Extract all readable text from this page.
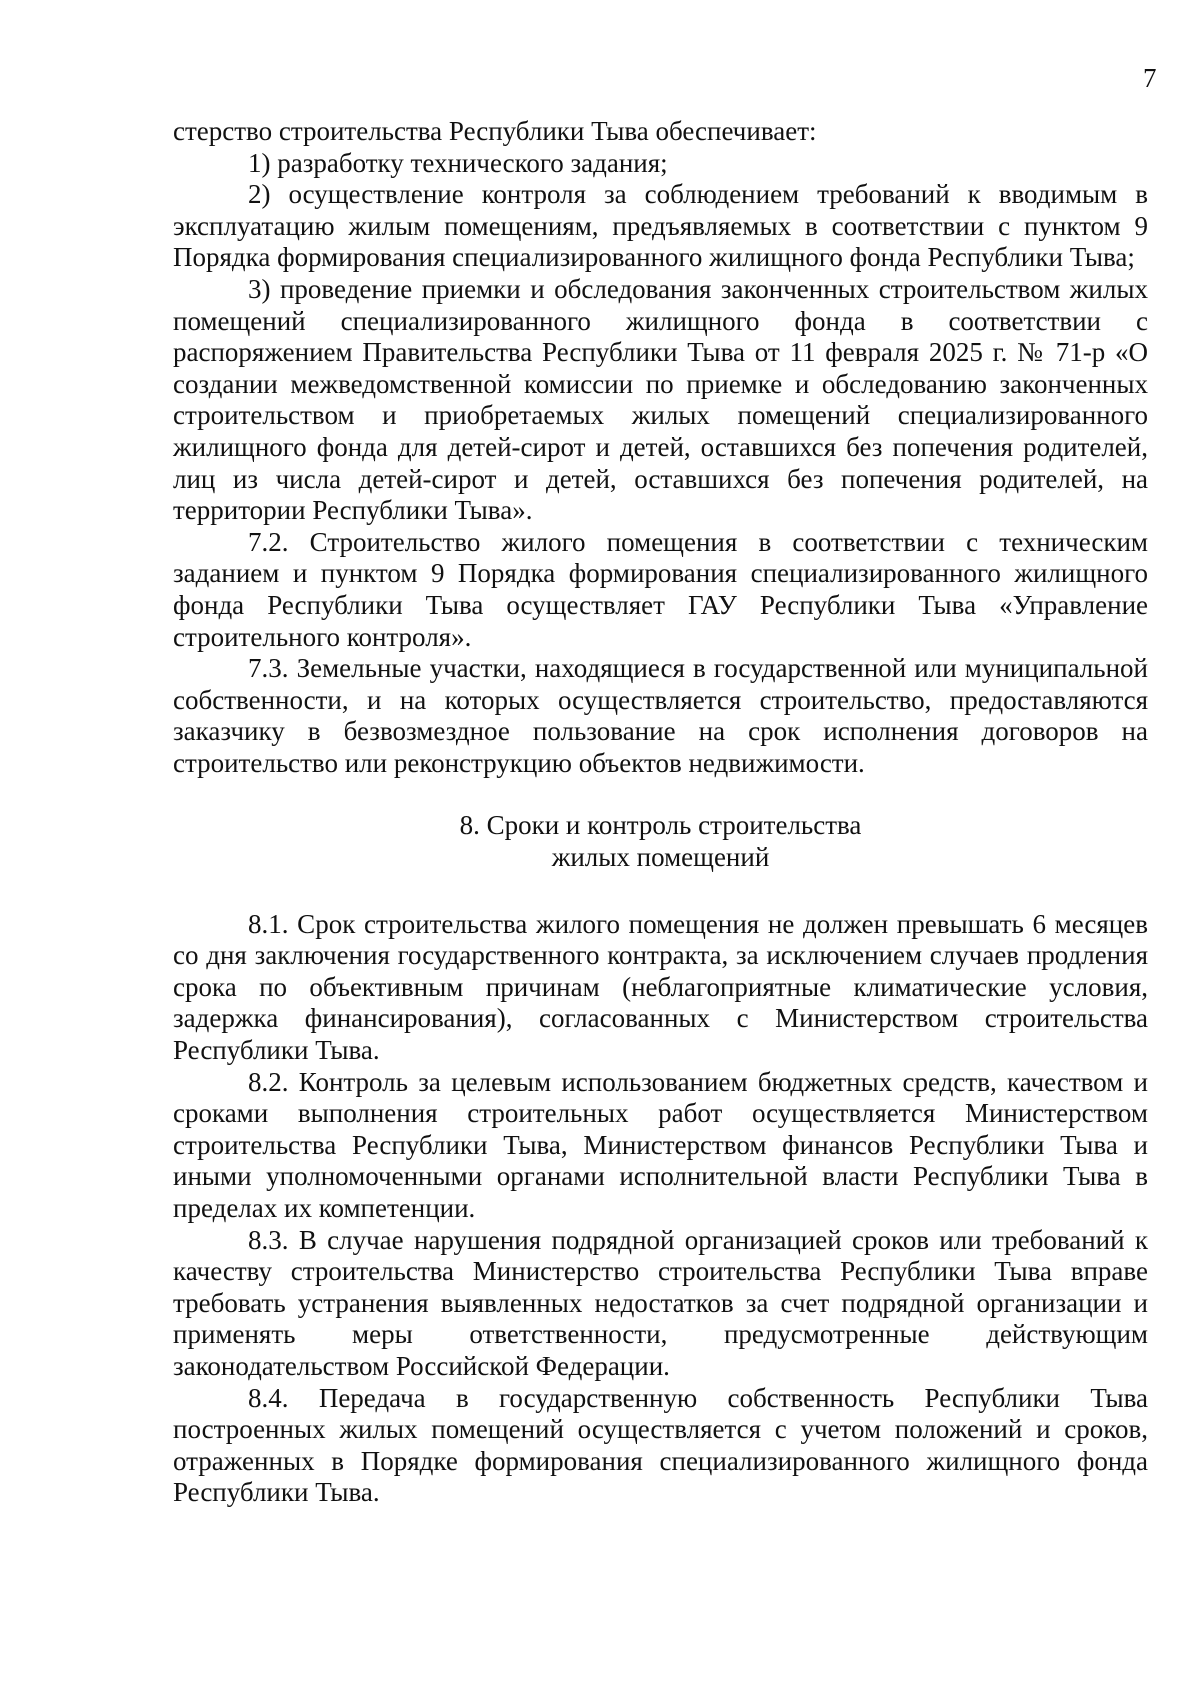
7

стерство строительства Республики Тыва обеспечивает:

1) разработку технического задания;

2) осуществление контроля за соблюдением требований к вводимым в эксплуатацию жилым помещениям, предъявляемых в соответствии с пунктом 9 Порядка формирования специализированного жилищного фонда Республики Тыва;

3) проведение приемки и обследования законченных строительством жилых помещений специализированного жилищного фонда в соответствии с распоряжением Правительства Республики Тыва от 11 февраля 2025 г. № 71-р «О создании межведомственной комиссии по приемке и обследованию законченных строительством и приобретаемых жилых помещений специализированного жилищного фонда для детей-сирот и детей, оставшихся без попечения родителей, лиц из числа детей-сирот и детей, оставшихся без попечения родителей, на территории Республики Тыва».

7.2. Строительство жилого помещения в соответствии с техническим заданием и пунктом 9 Порядка формирования специализированного жилищного фонда Республики Тыва осуществляет ГАУ Республики Тыва «Управление строительного контроля».

7.3. Земельные участки, находящиеся в государственной или муниципальной собственности, и на которых осуществляется строительство, предоставляются заказчику в безвозмездное пользование на срок исполнения договоров на строительство или реконструкцию объектов недвижимости.

8. Сроки и контроль строительства
жилых помещений

8.1. Срок строительства жилого помещения не должен превышать 6 месяцев со дня заключения государственного контракта, за исключением случаев продления срока по объективным причинам (неблагоприятные климатические условия, задержка финансирования), согласованных с Министерством строительства Республики Тыва.

8.2. Контроль за целевым использованием бюджетных средств, качеством и сроками выполнения строительных работ осуществляется Министерством строительства Республики Тыва, Министерством финансов Республики Тыва и иными уполномоченными органами исполнительной власти Республики Тыва в пределах их компетенции.

8.3. В случае нарушения подрядной организацией сроков или требований к качеству строительства Министерство строительства Республики Тыва вправе требовать устранения выявленных недостатков за счет подрядной организации и применять меры ответственности, предусмотренные действующим законодательством Российской Федерации.

8.4. Передача в государственную собственность Республики Тыва построенных жилых помещений осуществляется с учетом положений и сроков, отраженных в Порядке формирования специализированного жилищного фонда Республики Тыва.
